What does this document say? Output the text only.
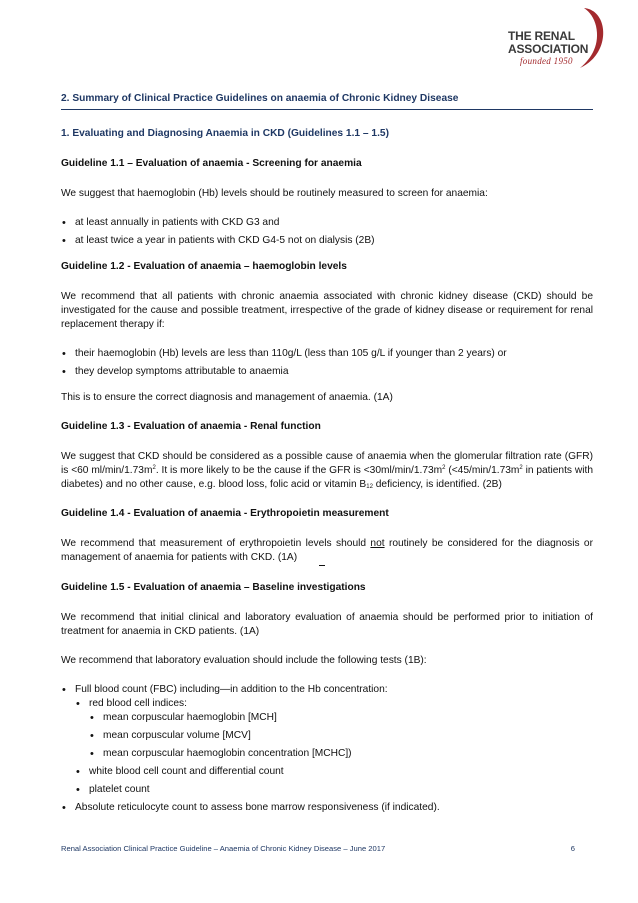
THE RENAL
ASSOCIATION
founded 1950
2. Summary of Clinical Practice Guidelines on anaemia of Chronic Kidney Disease
1. Evaluating and Diagnosing Anaemia in CKD (Guidelines 1.1 – 1.5)
Guideline 1.1 – Evaluation of anaemia - Screening for anaemia

We suggest that haemoglobin (Hb) levels should be routinely measured to screen for anaemia:

• at least annually in patients with CKD G3 and
• at least twice a year in patients with CKD G4-5 not on dialysis (2B)
Guideline 1.2 - Evaluation of anaemia – haemoglobin levels

We recommend that all patients with chronic anaemia associated with chronic kidney disease (CKD) should be investigated for the cause and possible treatment, irrespective of the grade of kidney disease or requirement for renal replacement therapy if:

• their haemoglobin (Hb) levels are less than 110g/L (less than 105 g/L if younger than 2 years) or
• they develop symptoms attributable to anaemia

This is to ensure the correct diagnosis and management of anaemia. (1A)

Guideline 1.3 - Evaluation of anaemia - Renal function

We suggest that CKD should be considered as a possible cause of anaemia when the glomerular filtration rate (GFR) is <60 $ml/\min/1.73m^2$. It is more likely to be the cause if the GFR is $<30ml/\min/1.73m^2$ ($<45/\min/1.73m^2$ in patients with diabetes) and no other cause, e.g. blood loss, folic acid or vitamin $B_{12}$ deficiency, is identified. (2B)

Guideline 1.4 - Evaluation of anaemia - Erythropoietin measurement

We recommend that measurement of erythropoietin levels should not routinely be considered for the diagnosis or management of anaemia for patients with CKD. (1A)

Guideline 1.5 - Evaluation of anaemia – Baseline investigations

We recommend that initial clinical and laboratory evaluation of anaemia should be performed prior to initiation of treatment for anaemia in CKD patients. (1A)

We recommend that laboratory evaluation should include the following tests (1B):

• Full blood count (FBC) including—in addition to the Hb concentration:
• red blood cell indices:
• mean corpuscular haemoglobin [MCH]
• mean corpuscular volume [MCV]
• mean corpuscular haemoglobin concentration [MCHC])
• white blood cell count and differential count
• platelet count
• Absolute reticulocyte count to assess bone marrow responsiveness (if indicated).
Renal Association Clinical Practice Guideline – Anaemia of Chronic Kidney Disease – June 2017	6
